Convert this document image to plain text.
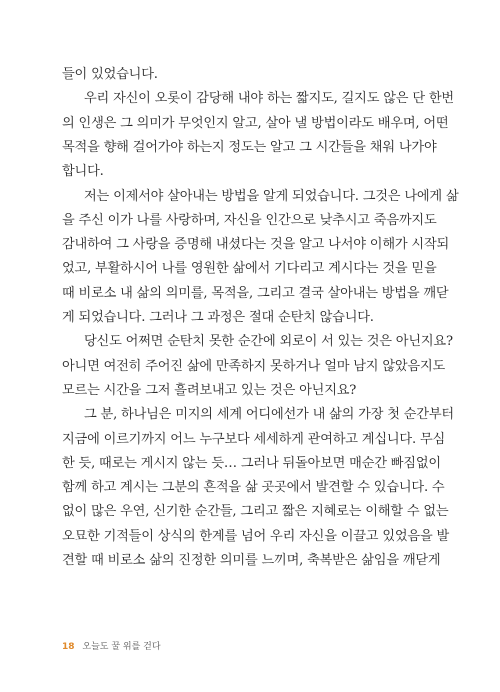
들이 있었습니다.
우리 자신이 오롯이 감당해 내야 하는 짧지도, 길지도 않은 단 한번
의 인생은 그 의미가 무엇인지 알고, 살아 낼 방법이라도 배우며, 어떤
목적을 향해 걸어가야 하는지 정도는 알고 그 시간들을 채워 나가야
합니다.
저는 이제서야 살아내는 방법을 알게 되었습니다. 그것은 나에게 삶
을 주신 이가 나를 사랑하며, 자신을 인간으로 낮추시고 죽음까지도
감내하여 그 사랑을 증명해 내셨다는 것을 알고 나서야 이해가 시작되
었고, 부활하시어 나를 영원한 삶에서 기다리고 계시다는 것을 믿을
때 비로소 내 삶의 의미를, 목적을, 그리고 결국 살아내는 방법을 깨닫
게 되었습니다. 그러나 그 과정은 절대 순탄치 않습니다.
당신도 어쩌면 순탄치 못한 순간에 외로이 서 있는 것은 아닌지요?
아니면 여전히 주어진 삶에 만족하지 못하거나 얼마 남지 않았음지도
모르는 시간을 그저 흘려보내고 있는 것은 아닌지요?
그 분, 하나님은 미지의 세계 어디에선가 내 삶의 가장 첫 순간부터
지금에 이르기까지 어느 누구보다 세세하게 관여하고 계십니다. 무심
한 듯, 때로는 게시지 않는 듯… 그러나 뒤돌아보면 매순간 빠짐없이
함께 하고 계시는 그분의 흔적을 삶 곳곳에서 발견할 수 있습니다. 수
없이 많은 우연, 신기한 순간들, 그리고 짧은 지혜로는 이해할 수 없는
오묘한 기적들이 상식의 한계를 넘어 우리 자신을 이끌고 있었음을 발
견할 때 비로소 삶의 진정한 의미를 느끼며, 축복받은 삶임을 깨닫게
18 오늘도 꿀 위를 걷다
